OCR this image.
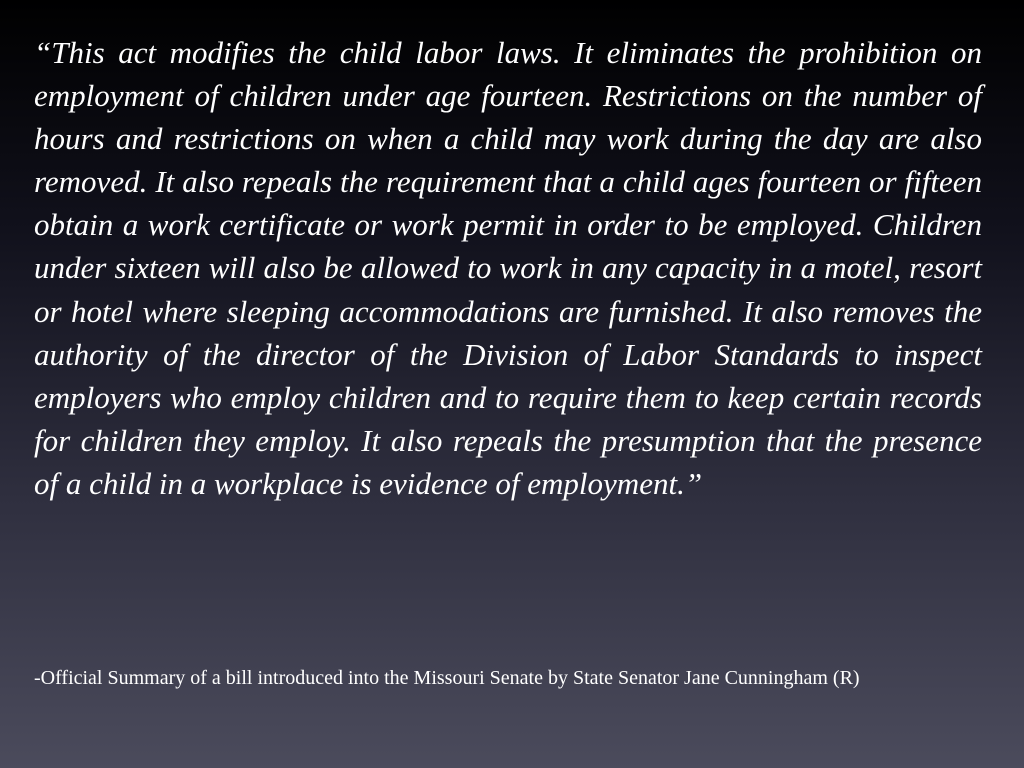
“This act modifies the child labor laws. It eliminates the prohibition on employment of children under age fourteen. Restrictions on the number of hours and restrictions on when a child may work during the day are also removed. It also repeals the requirement that a child ages fourteen or fifteen obtain a work certificate or work permit in order to be employed. Children under sixteen will also be allowed to work in any capacity in a motel, resort or hotel where sleeping accommodations are furnished. It also removes the authority of the director of the Division of Labor Standards to inspect employers who employ children and to require them to keep certain records for children they employ. It also repeals the presumption that the presence of a child in a workplace is evidence of employment.”

-Official Summary of a bill introduced into the Missouri Senate by State Senator Jane Cunningham (R)
